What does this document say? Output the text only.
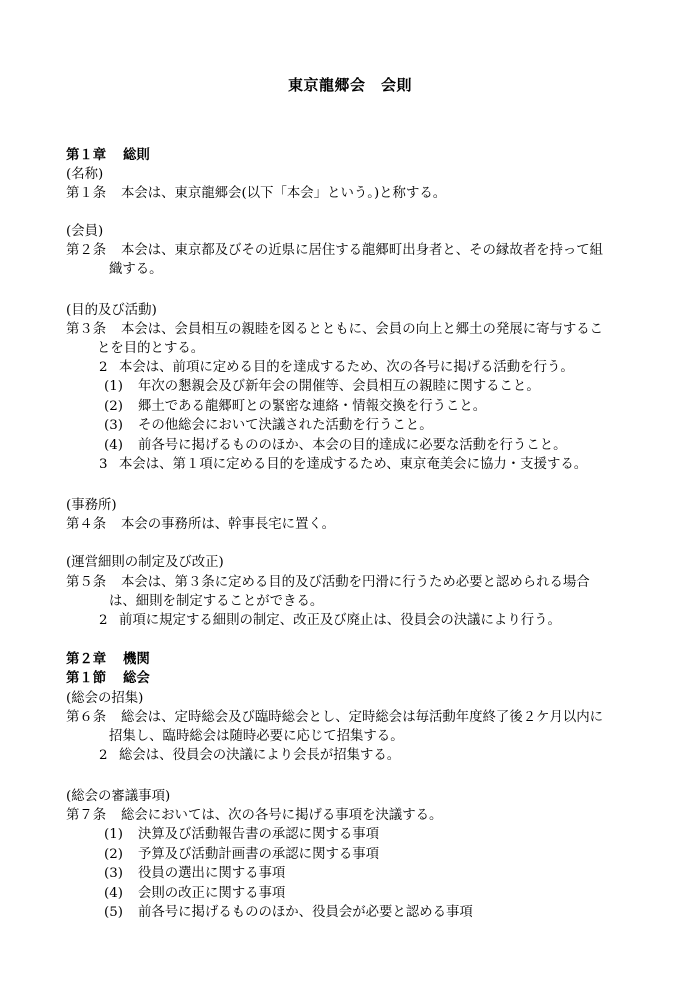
東京龍郷会　会則
第１章 総則
(名称)
第１条 本会は、東京龍郷会(以下「本会」という。)と称する。
(会員)
第２条 本会は、東京都及びその近県に居住する龍郷町出身者と、その縁故者を持って組
織する。
(目的及び活動)
第３条 本会は、会員相互の親睦を図るとともに、会員の向上と郷土の発展に寄与するこ
とを目的とする。
2 本会は、前項に定める目的を達成するため、次の各号に掲げる活動を行う。
(1) 年次の懇親会及び新年会の開催等、会員相互の親睦に関すること。
(2) 郷土である龍郷町との緊密な連絡・情報交換を行うこと。
(3) その他総会において決議された活動を行うこと。
(4) 前各号に掲げるもののほか、本会の目的達成に必要な活動を行うこと。
3 本会は、第１項に定める目的を達成するため、東京奄美会に協力・支援する。
(事務所)
第４条 本会の事務所は、幹事長宅に置く。
(運営細則の制定及び改正)
第５条 本会は、第３条に定める目的及び活動を円滑に行うため必要と認められる場合
は、細則を制定することができる。
2 前項に規定する細則の制定、改正及び廃止は、役員会の決議により行う。
第２章 機関
第１節 総会
(総会の招集)
第６条 総会は、定時総会及び臨時総会とし、定時総会は毎活動年度終了後２ケ月以内に
招集し、臨時総会は随時必要に応じて招集する。
2 総会は、役員会の決議により会長が招集する。
(総会の審議事項)
第７条 総会においては、次の各号に掲げる事項を決議する。
(1) 決算及び活動報告書の承認に関する事項
(2) 予算及び活動計画書の承認に関する事項
(3) 役員の選出に関する事項
(4) 会則の改正に関する事項
(5) 前各号に掲げるもののほか、役員会が必要と認める事項
